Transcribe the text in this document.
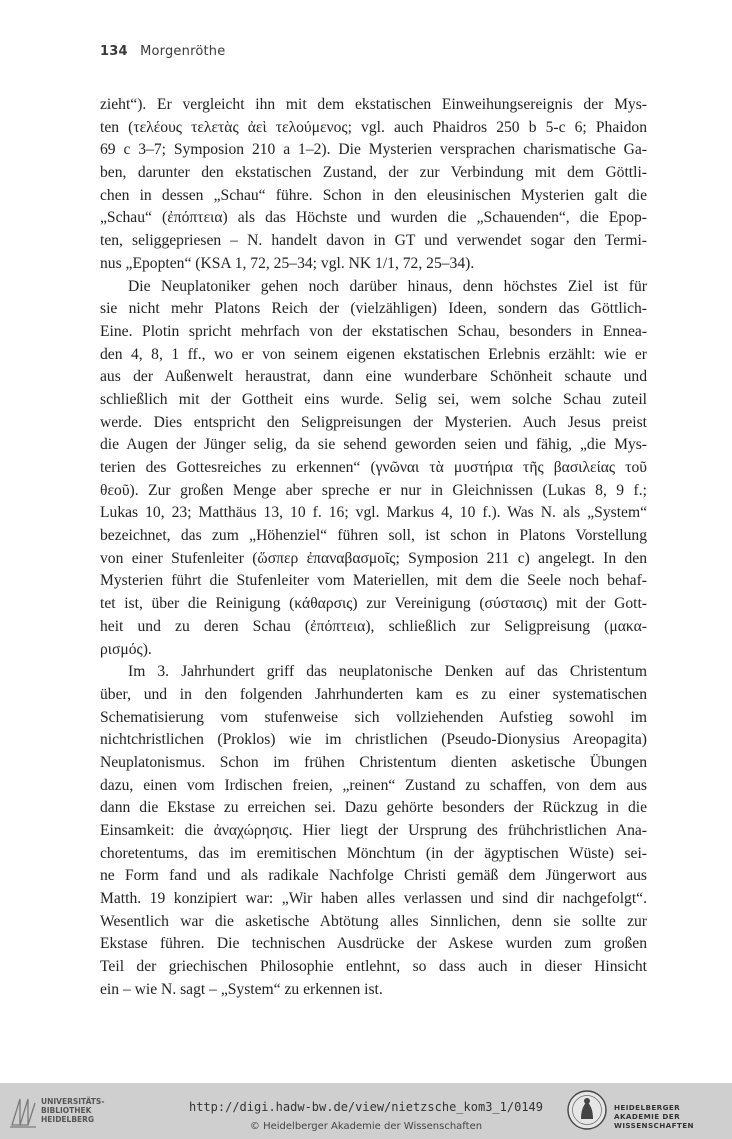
134 Morgenröthe
zieht“). Er vergleicht ihn mit dem ekstatischen Einweihungsereignis der Mys-
ten (τελέους τελετὰς ἀεὶ τελούμενος; vgl. auch Phaidros 250 b 5-c 6; Phaidon
69 c 3–7; Symposion 210 a 1–2). Die Mysterien versprachen charismatische Ga-
ben, darunter den ekstatischen Zustand, der zur Verbindung mit dem Göttli-
chen in dessen „Schau“ führe. Schon in den eleusinischen Mysterien galt die
„Schau“ (ἐπόπτεια) als das Höchste und wurden die „Schauenden“, die Epop-
ten, seliggepriesen – N. handelt davon in GT und verwendet sogar den Termi-
nus „Epopten“ (KSA 1, 72, 25–34; vgl. NK 1/1, 72, 25–34).
Die Neuplatoniker gehen noch darüber hinaus, denn höchstes Ziel ist für
sie nicht mehr Platons Reich der (vielzähligen) Ideen, sondern das Göttlich-
Eine. Plotin spricht mehrfach von der ekstatischen Schau, besonders in Ennea-
den 4, 8, 1 ff., wo er von seinem eigenen ekstatischen Erlebnis erzählt: wie er
aus der Außenwelt heraustrat, dann eine wunderbare Schönheit schaute und
schließlich mit der Gottheit eins wurde. Selig sei, wem solche Schau zuteil
werde. Dies entspricht den Seligpreisungen der Mysterien. Auch Jesus preist
die Augen der Jünger selig, da sie sehend geworden seien und fähig, „die Mys-
terien des Gottesreiches zu erkennen“ (γνῶναι τὰ μυστήρια τῆς βασιλείας τοῦ
θεοῦ). Zur großen Menge aber spreche er nur in Gleichnissen (Lukas 8, 9 f.;
Lukas 10, 23; Matthäus 13, 10 f. 16; vgl. Markus 4, 10 f.). Was N. als „System“
bezeichnet, das zum „Höhenziel“ führen soll, ist schon in Platons Vorstellung
von einer Stufenleiter (ὥσπερ ἐπαναβασμοῖς; Symposion 211 c) angelegt. In den
Mysterien führt die Stufenleiter vom Materiellen, mit dem die Seele noch behaf-
tet ist, über die Reinigung (κάθαρσις) zur Vereinigung (σύστασις) mit der Gott-
heit und zu deren Schau (ἐπόπτεια), schließlich zur Seligpreisung (μακα-
ρισμός).
Im 3. Jahrhundert griff das neuplatonische Denken auf das Christentum
über, und in den folgenden Jahrhunderten kam es zu einer systematischen
Schematisierung vom stufenweise sich vollziehenden Aufstieg sowohl im
nichtchristlichen (Proklos) wie im christlichen (Pseudo-Dionysius Areopagita)
Neuplatonismus. Schon im frühen Christentum dienten asketische Übungen
dazu, einen vom Irdischen freien, „reinen“ Zustand zu schaffen, von dem aus
dann die Ekstase zu erreichen sei. Dazu gehörte besonders der Rückzug in die
Einsamkeit: die ἀναχώρησις. Hier liegt der Ursprung des frühchristlichen Ana-
choretentums, das im eremitischen Mönchtum (in der ägyptischen Wüste) sei-
ne Form fand und als radikale Nachfolge Christi gemäß dem Jüngerwort aus
Matth. 19 konzipiert war: „Wir haben alles verlassen und sind dir nachgefolgt“.
Wesentlich war die asketische Abtötung alles Sinnlichen, denn sie sollte zur
Ekstase führen. Die technischen Ausdrücke der Askese wurden zum großen
Teil der griechischen Philosophie entlehnt, so dass auch in dieser Hinsicht
ein – wie N. sagt – „System“ zu erkennen ist.
UNIVERSITÄTS- BIBLIOTHEK HEIDELBERG
http://digi.hadw-bw.de/view/nietzsche_kom3_1/0149
© Heidelberger Akademie der Wissenschaften
HEIDELBERGER AKADEMIE DER WISSENSCHAFTEN
